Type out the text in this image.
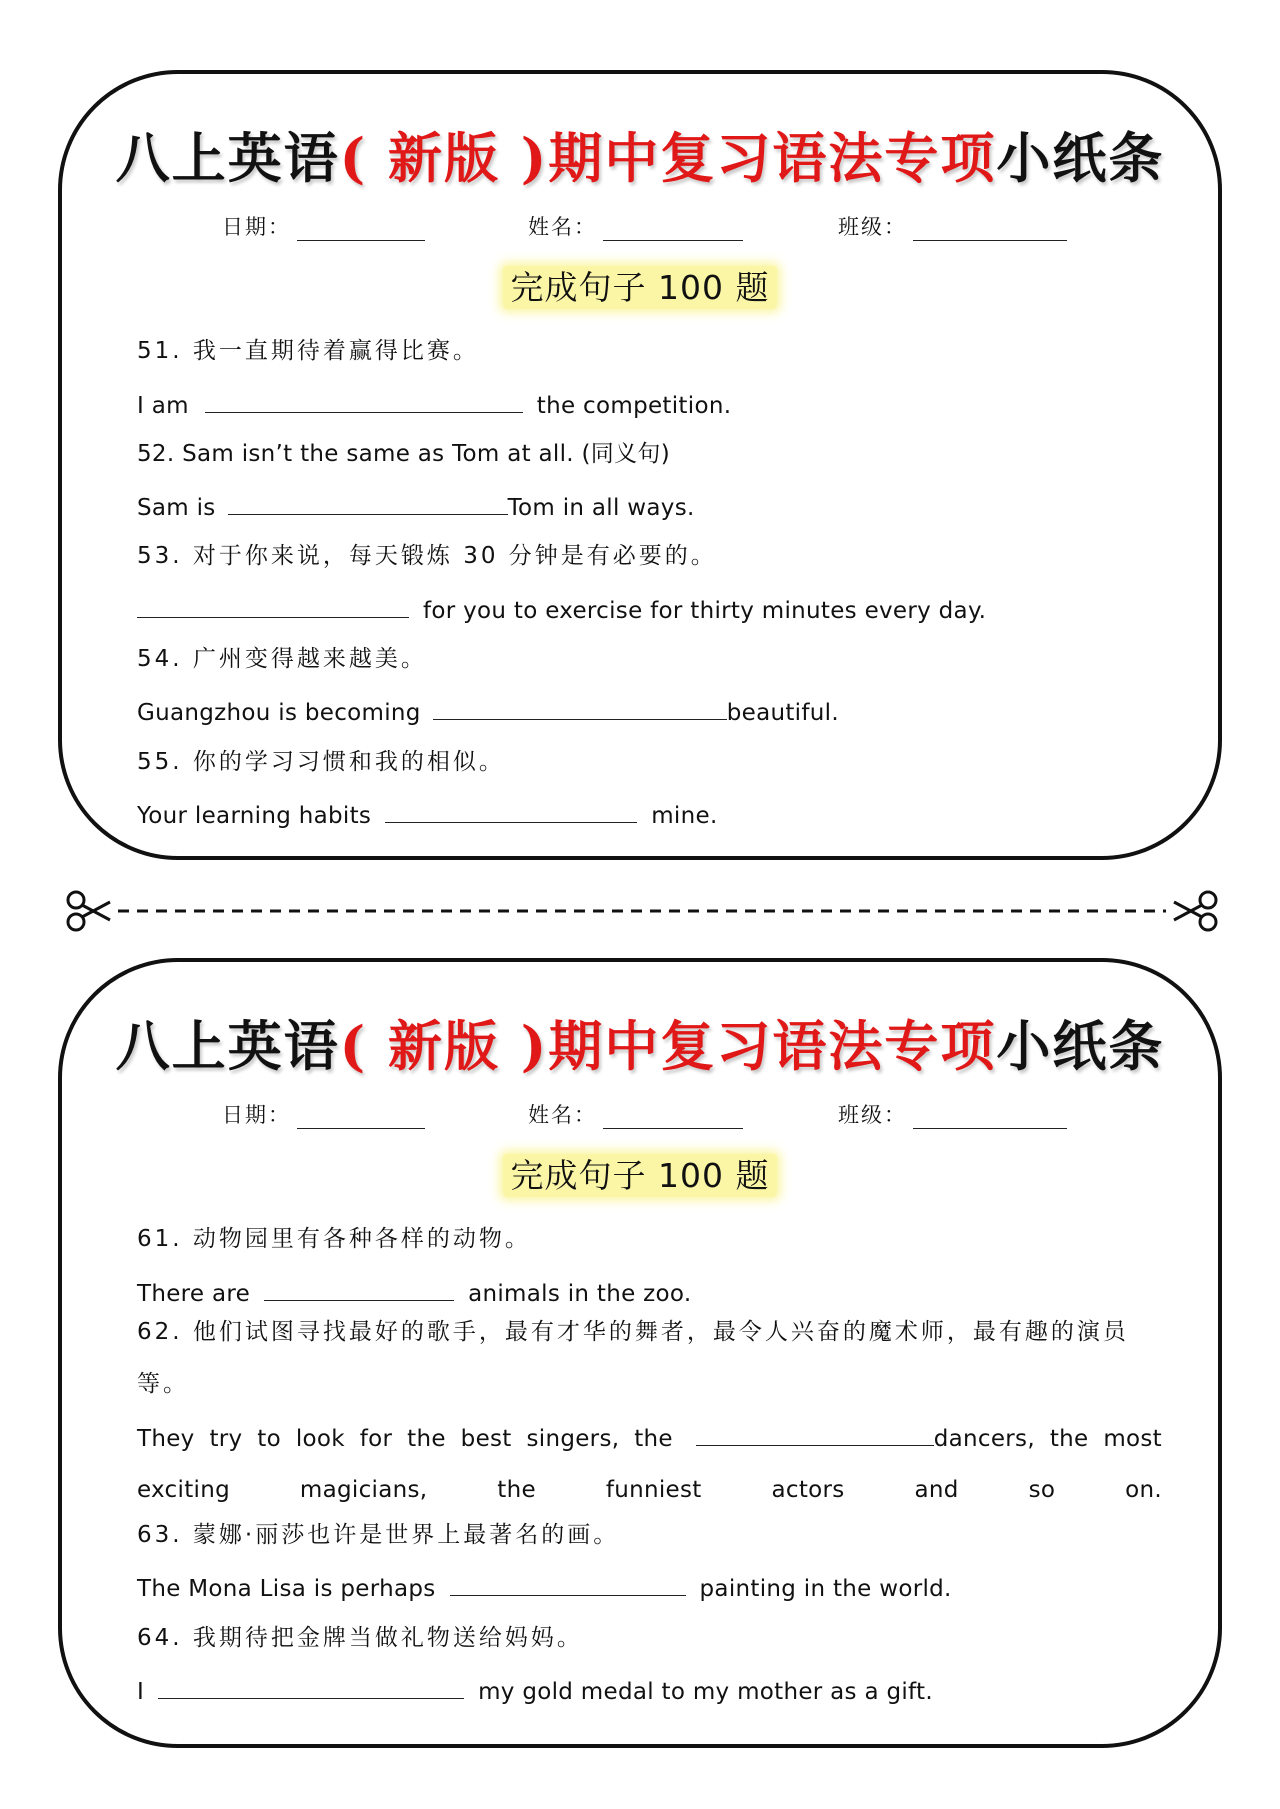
八上英语( 新版 )期中复习语法专项小纸条
日期：	姓名：	班级：
完成句子 100 题
51. 我一直期待着赢得比赛。
I am	the competition.
52. Sam isn’t the same as Tom at all. (同义句)
Sam is	Tom in all ways.
53. 对于你来说，每天锻炼 30 分钟是有必要的。
for you to exercise for thirty minutes every day.
54. 广州变得越来越美。
Guangzhou is becoming	beautiful.
55. 你的学习习惯和我的相似。
Your learning habits	mine.
八上英语( 新版 )期中复习语法专项小纸条
日期：	姓名：	班级：
完成句子 100 题
61. 动物园里有各种各样的动物。
There are	animals in the zoo.
62. 他们试图寻找最好的歌手，最有才华的舞者，最令人兴奋的魔术师，最有趣的演员等。
They try to look for the best singers, the	dancers, the most exciting magicians, the funniest actors and so on.
63. 蒙娜·丽莎也许是世界上最著名的画。
The Mona Lisa is perhaps	painting in the world.
64. 我期待把金牌当做礼物送给妈妈。
I	my gold medal to my mother as a gift.
